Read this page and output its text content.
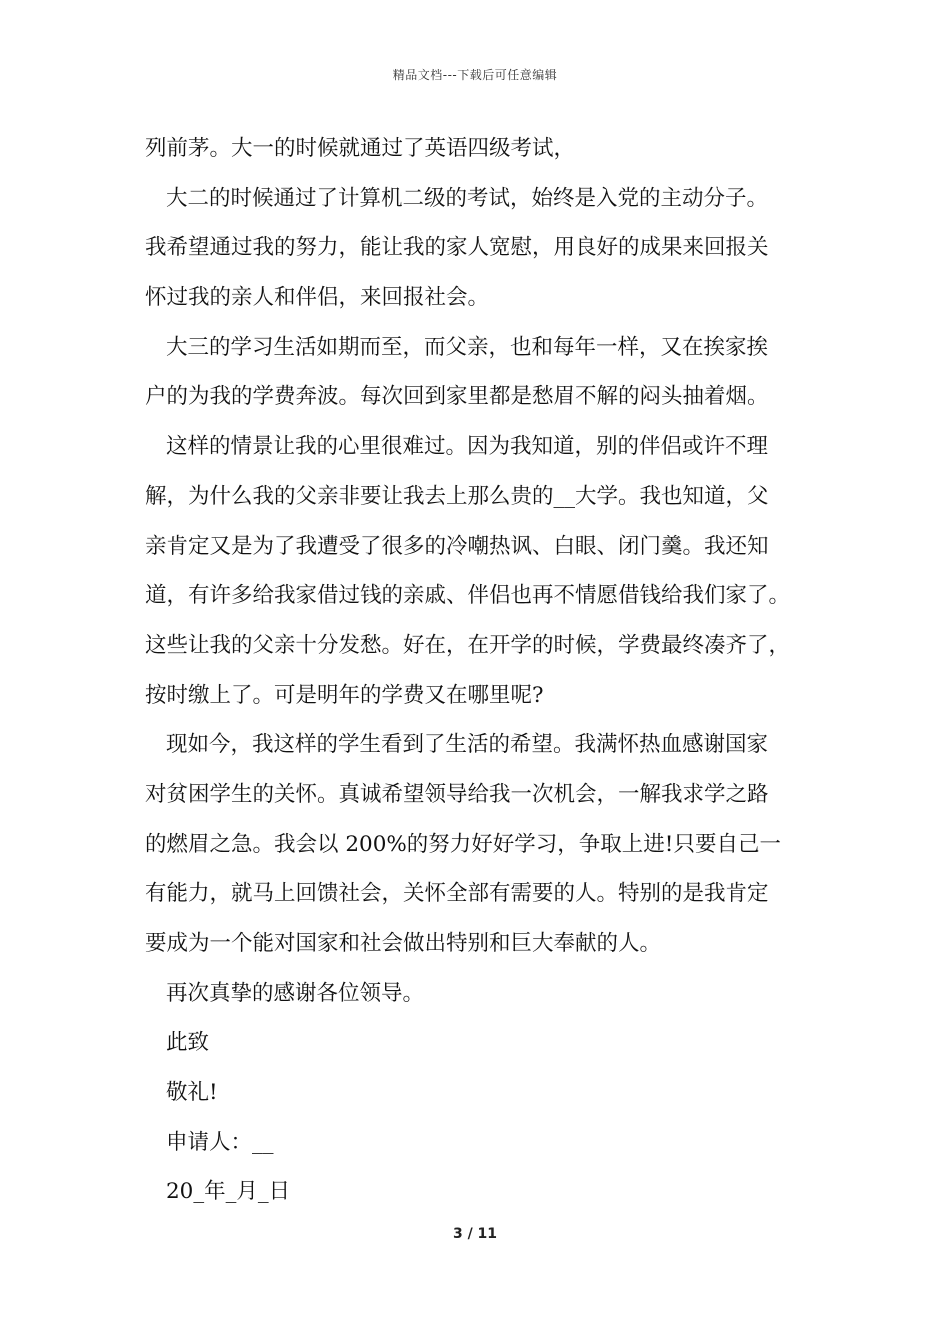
精品文档---下载后可任意编辑
列前茅。大一的时候就通过了英语四级考试，
大二的时候通过了计算机二级的考试，始终是入党的主动分子。
我希望通过我的努力，能让我的家人宽慰，用良好的成果来回报关
怀过我的亲人和伴侣，来回报社会。
大三的学习生活如期而至，而父亲，也和每年一样，又在挨家挨
户的为我的学费奔波。每次回到家里都是愁眉不解的闷头抽着烟。
这样的情景让我的心里很难过。因为我知道，别的伴侣或许不理
解，为什么我的父亲非要让我去上那么贵的__大学。我也知道，父
亲肯定又是为了我遭受了很多的冷嘲热讽、白眼、闭门羹。我还知
道，有许多给我家借过钱的亲戚、伴侣也再不情愿借钱给我们家了。
这些让我的父亲十分发愁。好在，在开学的时候，学费最终凑齐了，
按时缴上了。可是明年的学费又在哪里呢?
现如今，我这样的学生看到了生活的希望。我满怀热血感谢国家
对贫困学生的关怀。真诚希望领导给我一次机会，一解我求学之路
的燃眉之急。我会以 200%的努力好好学习，争取上进!只要自己一
有能力，就马上回馈社会，关怀全部有需要的人。特别的是我肯定
要成为一个能对国家和社会做出特别和巨大奉献的人。
再次真挚的感谢各位领导。
此致
敬礼!
申请人：__
20_年_月_日
3 / 11
